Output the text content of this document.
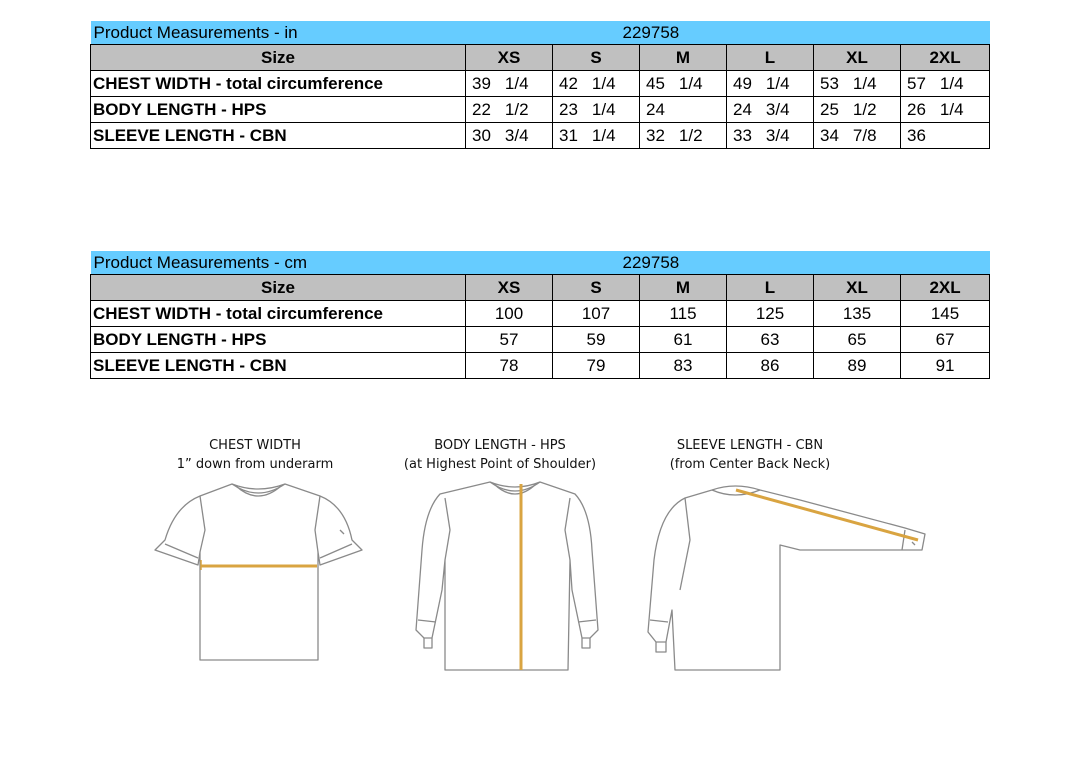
Product Measurements - in	229758					
Size	XS	S	M	L	XL	2XL
CHEST WIDTH - total circumference	39 1/4	42 1/4	45 1/4	49 1/4	53 1/4	57 1/4
BODY LENGTH - HPS	22 1/2	23 1/4	24	24 3/4	25 1/2	26 1/4
SLEEVE LENGTH - CBN	30 3/4	31 1/4	32 1/2	33 3/4	34 7/8	36
Product Measurements - cm	229758					
Size	XS	S	M	L	XL	2XL
CHEST WIDTH - total circumference	100	107	115	125	135	145
BODY LENGTH - HPS	57	59	61	63	65	67
SLEEVE LENGTH - CBN	78	79	83	86	89	91
CHEST WIDTH
1” down from underarm
BODY LENGTH - HPS
(at Highest Point of Shoulder)
SLEEVE LENGTH - CBN
(from Center Back Neck)
